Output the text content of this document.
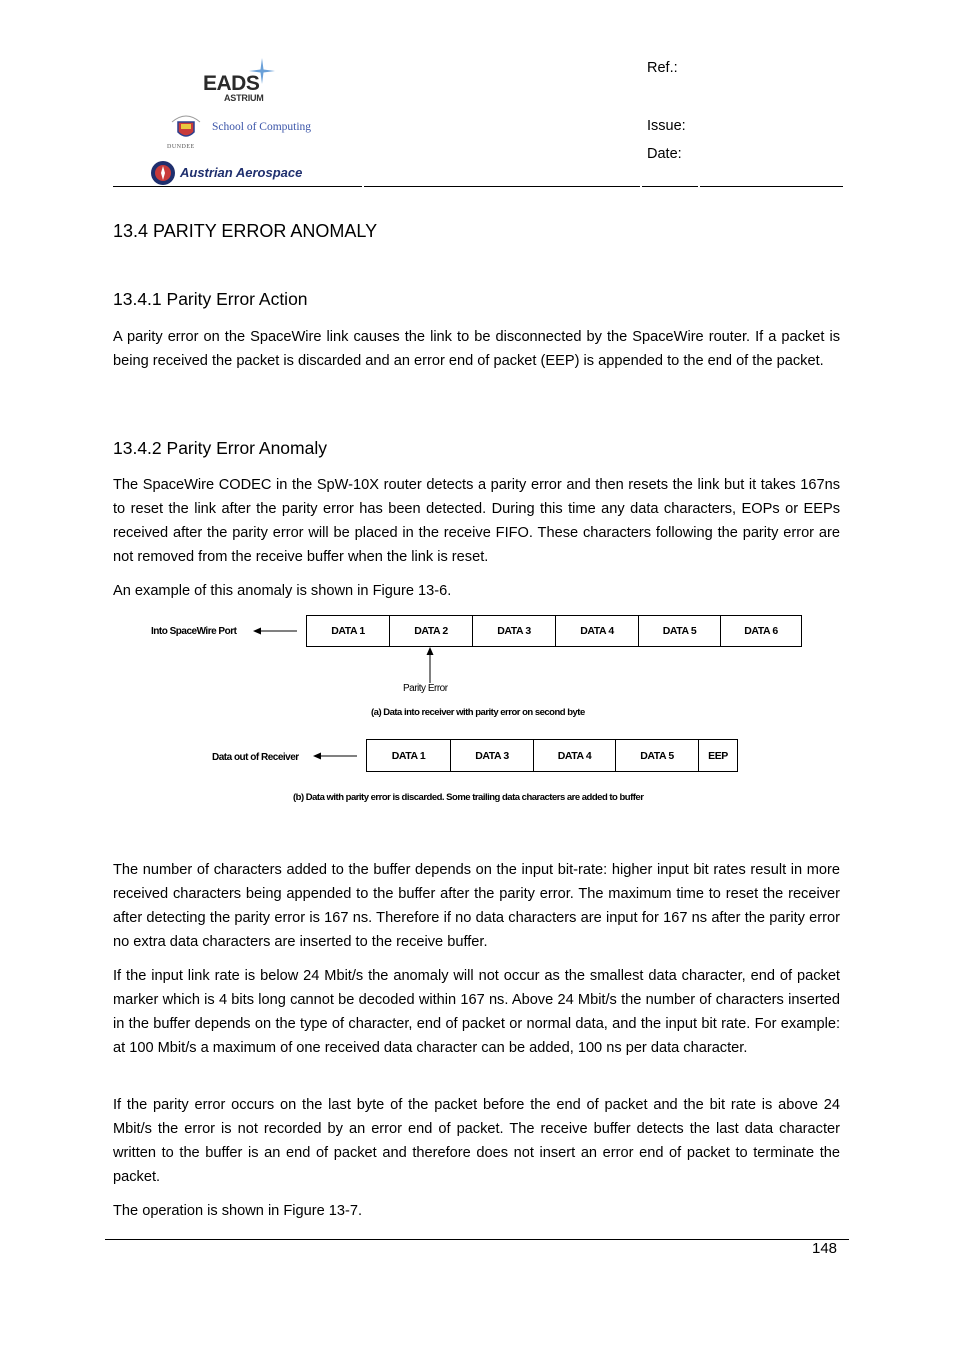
EADS
ASTRIUM
School of Computing
DUNDEE
Austrian Aerospace
Ref.:
Issue:
Date:
13.4 PARITY ERROR ANOMALY
13.4.1 Parity Error Action
A parity error on the SpaceWire link causes the link to be disconnected by the SpaceWire router. If a packet is being received the packet is discarded and an error end of packet (EEP) is appended to the end of the packet.
13.4.2 Parity Error Anomaly
The SpaceWire CODEC in the SpW-10X router detects a parity error and then resets the link but it takes 167ns to reset the link after the parity error has been detected. During this time any data characters, EOPs or EEPs received after the parity error will be placed in the receive FIFO. These characters following the parity error are not removed from the receive buffer when the link is reset.
An example of this anomaly is shown in Figure 13-6.
Into SpaceWire Port	DATA 1	DATA 2	DATA 3	DATA 4	DATA 5	DATA 6
Parity Error
(a) Data into receiver with parity error on second byte
Data out of Receiver	DATA 1	DATA 3	DATA 4	DATA 5	EEP
(b) Data with parity error is discarded. Some trailing data characters are added to buffer
The number of characters added to the buffer depends on the input bit-rate: higher input bit rates result in more received characters being appended to the buffer after the parity error. The maximum time to reset the receiver after detecting the parity error is 167 ns. Therefore if no data characters are input for 167 ns after the parity error no extra data characters are inserted to the receive buffer.
If the input link rate is below 24 Mbit/s the anomaly will not occur as the smallest data character, end of packet marker which is 4 bits long cannot be decoded within 167 ns. Above 24 Mbit/s the number of characters inserted in the buffer depends on the type of character, end of packet or normal data, and the input bit rate. For example: at 100 Mbit/s a maximum of one received data character can be added, 100 ns per data character.
If the parity error occurs on the last byte of the packet before the end of packet and the bit rate is above 24 Mbit/s the error is not recorded by an error end of packet. The receive buffer detects the last data character written to the buffer is an end of packet and therefore does not insert an error end of packet to terminate the packet.
The operation is shown in Figure 13-7.
148
